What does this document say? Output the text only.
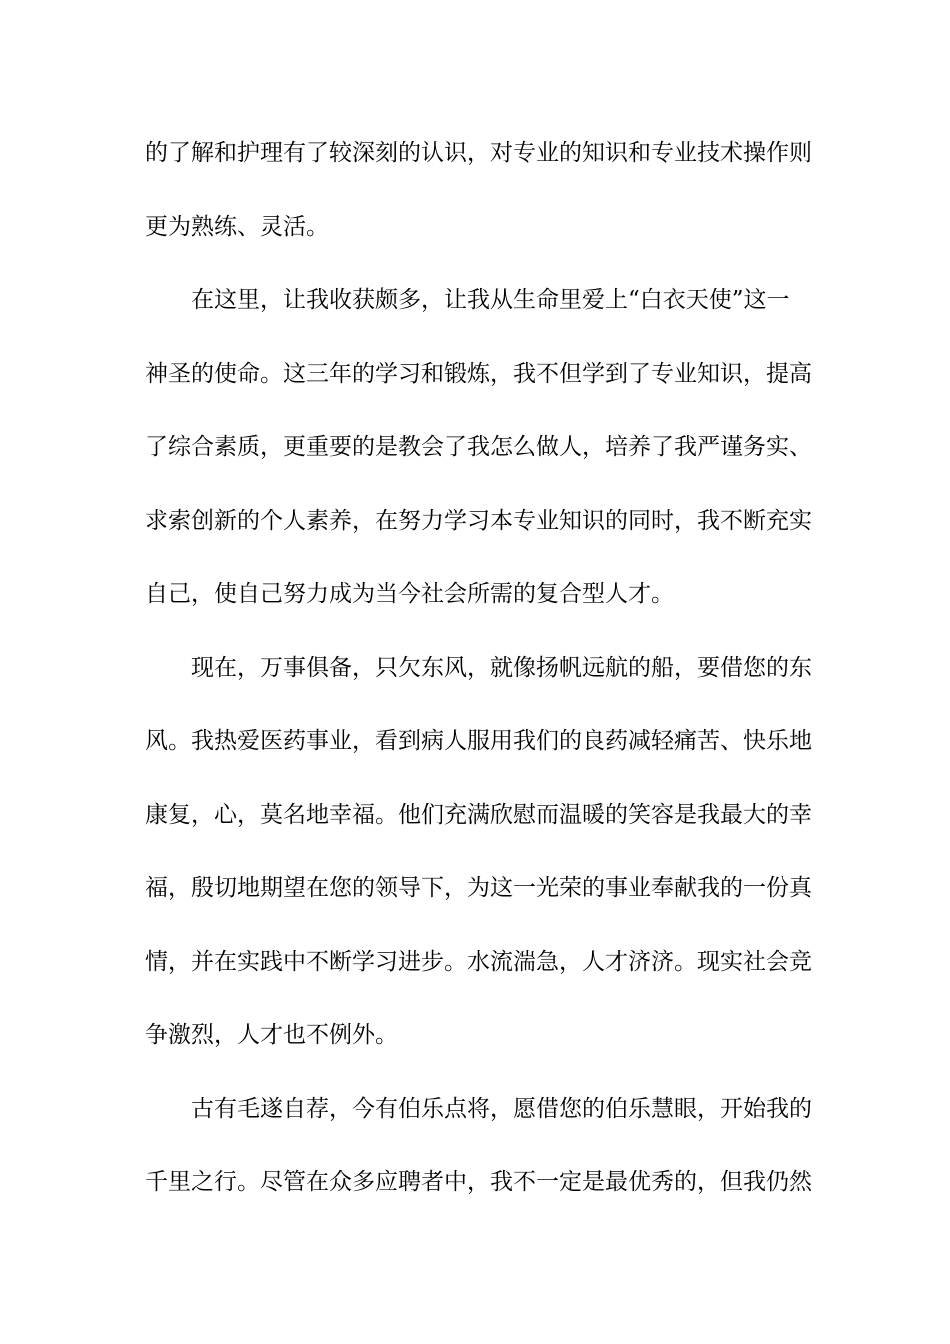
的了解和护理有了较深刻的认识，对专业的知识和专业技术操作则
更为熟练、灵活。
在这里，让我收获颇多，让我从生命里爱上“白衣天使”这一
神圣的使命。这三年的学习和锻炼，我不但学到了专业知识，提高
了综合素质，更重要的是教会了我怎么做人，培养了我严谨务实、
求索创新的个人素养，在努力学习本专业知识的同时，我不断充实
自己，使自己努力成为当今社会所需的复合型人才。
现在，万事俱备，只欠东风，就像扬帆远航的船，要借您的东
风。我热爱医药事业，看到病人服用我们的良药减轻痛苦、快乐地
康复，心，莫名地幸福。他们充满欣慰而温暖的笑容是我最大的幸
福，殷切地期望在您的领导下，为这一光荣的事业奉献我的一份真
情，并在实践中不断学习进步。水流湍急，人才济济。现实社会竞
争激烈，人才也不例外。
古有毛遂自荐，今有伯乐点将，愿借您的伯乐慧眼，开始我的
千里之行。尽管在众多应聘者中，我不一定是最优秀的，但我仍然
